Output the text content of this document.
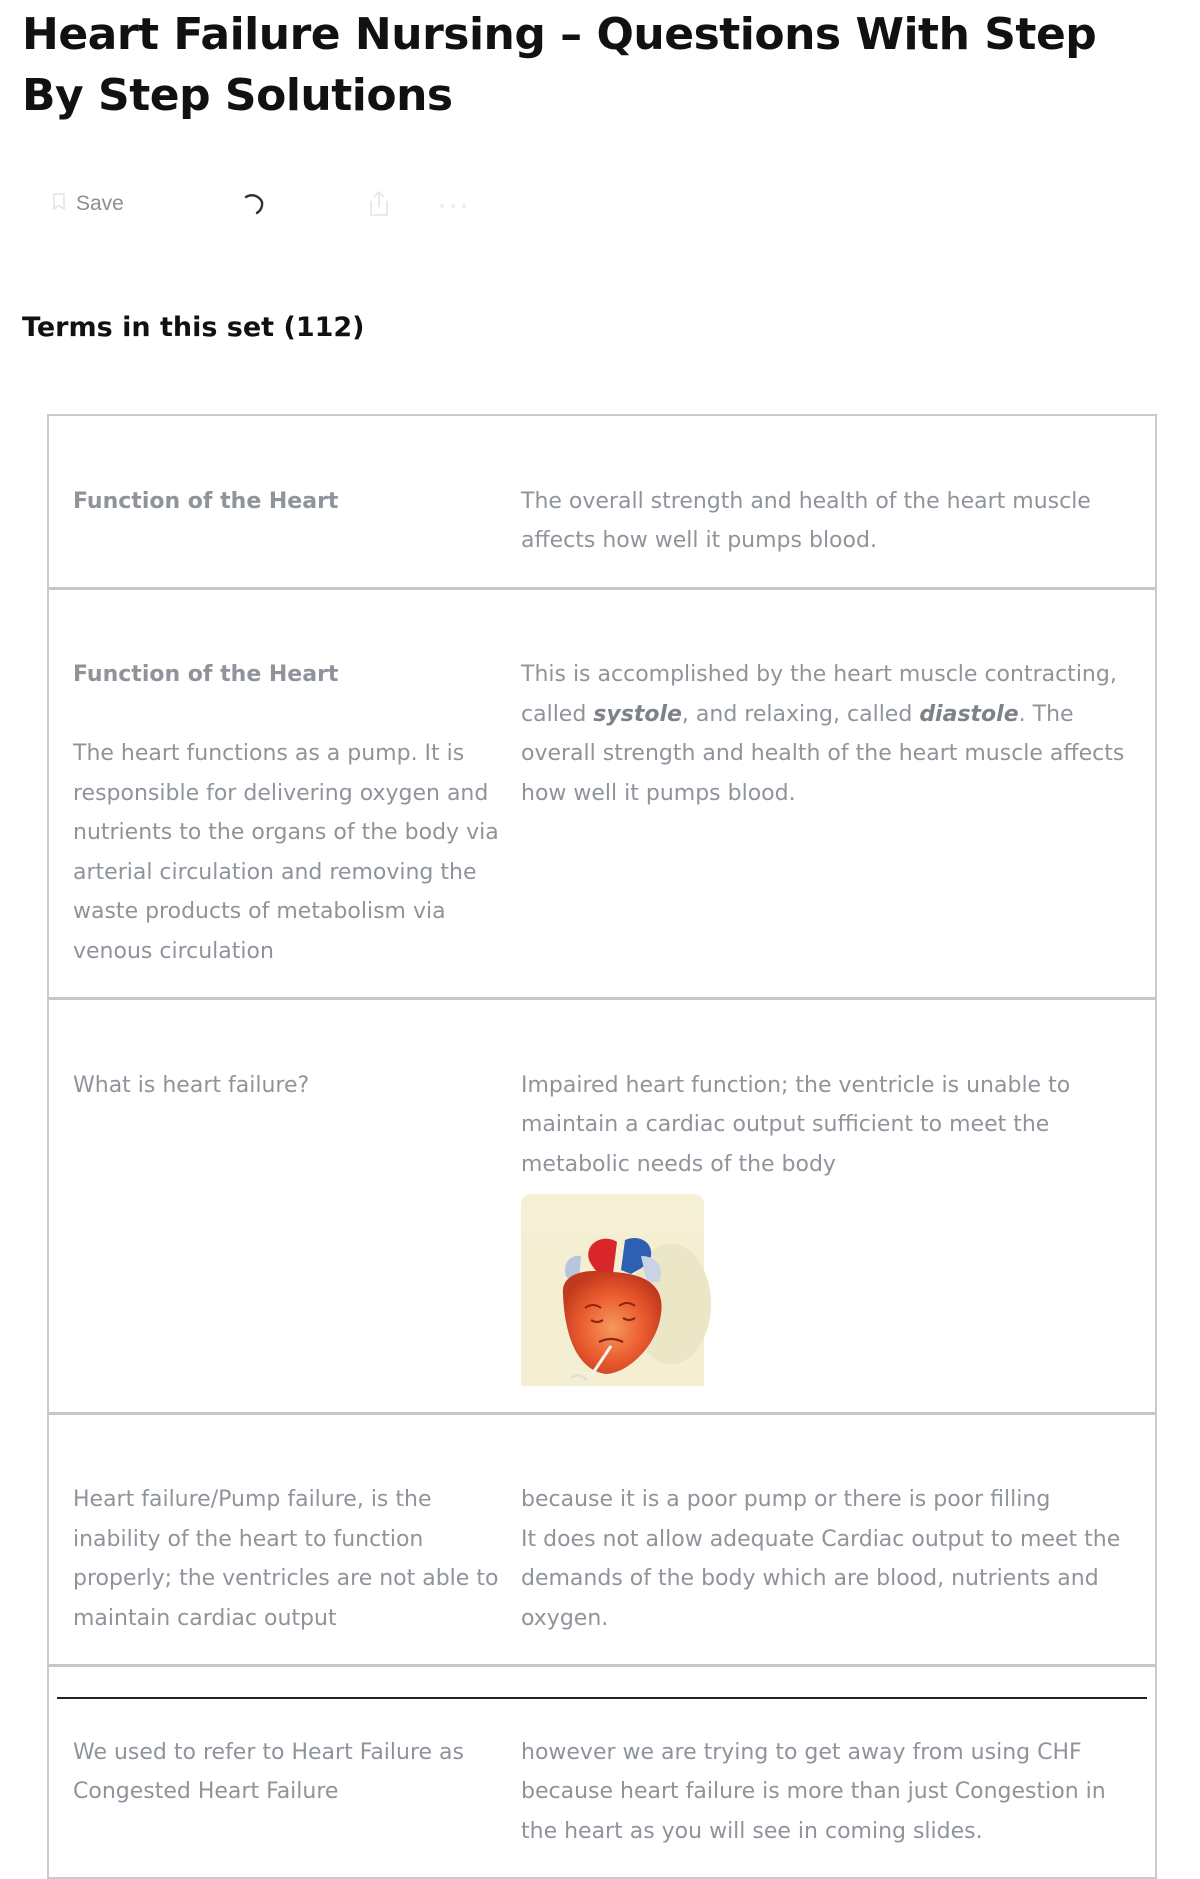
Heart Failure Nursing – Questions With Step By Step Solutions
Save
Terms in this set (112)

Function of the Heart	The overall strength and health of the heart muscle affects how well it pumps blood.

Function of the Heart

The heart functions as a pump. It is responsible for delivering oxygen and nutrients to the organs of the body via arterial circulation and removing the waste products of metabolism via venous circulation

This is accomplished by the heart muscle contracting, called systole, and relaxing, called diastole. The overall strength and health of the heart muscle affects how well it pumps blood.

What is heart failure?	Impaired heart function; the ventricle is unable to maintain a cardiac output sufficient to meet the metabolic needs of the body

Heart failure/Pump failure, is the inability of the heart to function properly; the ventricles are not able to maintain cardiac output

because it is a poor pump or there is poor filling
It does not allow adequate Cardiac output to meet the demands of the body which are blood, nutrients and oxygen.

We used to refer to Heart Failure as Congested Heart Failure

however we are trying to get away from using CHF because heart failure is more than just Congestion in the heart as you will see in coming slides.
